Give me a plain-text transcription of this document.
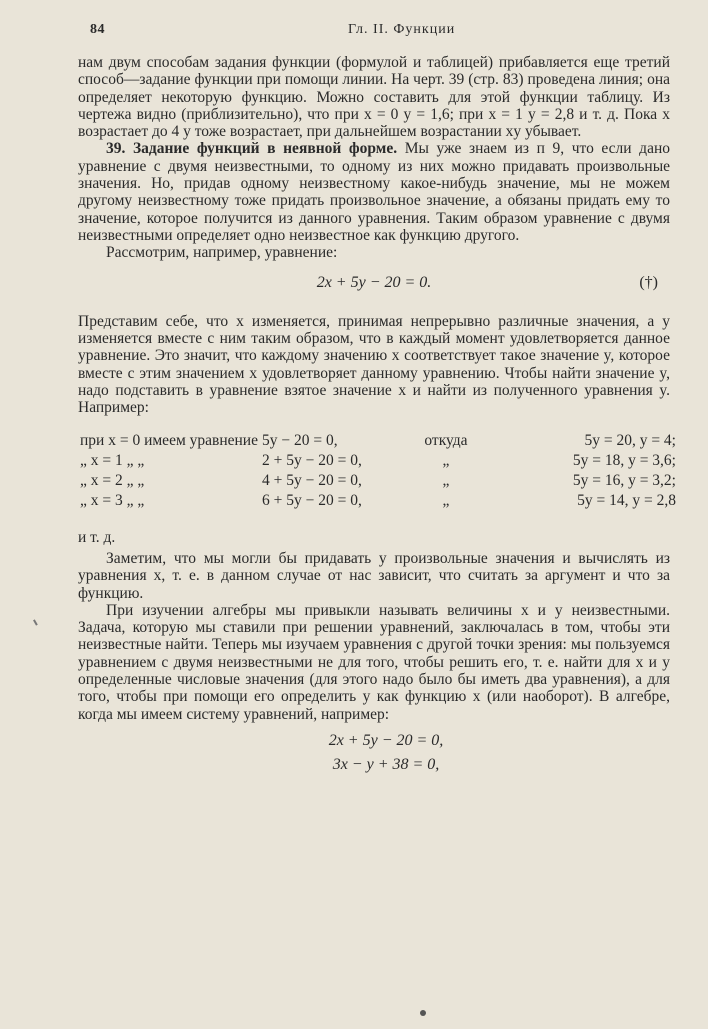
84	Гл. II. Функции

нам двум способам задания функции (формулой и таблицей) прибавляется еще третий способ—задание функции при помощи линии. На черт. 39 (стр. 83) проведена линия; она определяет некоторую функцию. Можно составить для этой функции таблицу. Из чертежа видно (приблизительно), что при x = 0 y = 1,6; при x = 1 y = 2,8 и т. д. Пока x возрастает до 4 y тоже возрастает, при дальнейшем возрастании xy убывает.

39. Задание функций в неявной форме. Мы уже знаем из п 9, что если дано уравнение с двумя неизвестными, то одному из них можно придавать произвольные значения. Но, придав одному неизвестному какое-нибудь значение, мы не можем другому неизвестному тоже придать произвольное значение, а обязаны придать ему то значение, которое получится из данного уравнения. Таким образом уравнение с двумя неизвестными определяет одно неизвестное как функцию другого.

Рассмотрим, например, уравнение:

2x + 5y − 20 = 0.	(†)

Представим себе, что x изменяется, принимая непрерывно различные значения, а y изменяется вместе с ним таким образом, что в каждый момент удовлетворяется данное уравнение. Это значит, что каждому значению x соответствует такое значение y, которое вместе с этим значением x удовлетворяет данному уравнению. Чтобы найти значение y, надо подставить в уравнение взятое значение x и найти из полученного уравнения y. Например:

при x = 0 имеем уравнение	5y − 20 = 0,	откуда	5y = 20, y = 4;
„ x = 1 „ „	2 + 5y − 20 = 0,	„	5y = 18, y = 3,6;
„ x = 2 „ „	4 + 5y − 20 = 0,	„	5y = 16, y = 3,2;
„ x = 3 „ „	6 + 5y − 20 = 0,	„	5y = 14, y = 2,8

и т. д.

Заметим, что мы могли бы придавать y произвольные значения и вычислять из уравнения x, т. е. в данном случае от нас зависит, что считать за аргумент и что за функцию.

При изучении алгебры мы привыкли называть величины x и y неизвестными. Задача, которую мы ставили при решении уравнений, заключалась в том, чтобы эти неизвестные найти. Теперь мы изучаем уравнения с другой точки зрения: мы пользуемся уравнением с двумя неизвестными не для того, чтобы решить его, т. е. найти для x и y определенные числовые значения (для этого надо было бы иметь два уравнения), а для того, чтобы при помощи его определить y как функцию x (или наоборот). В алгебре, когда мы имеем систему уравнений, например:

2x + 5y − 20 = 0,
3x − y + 38 = 0,
